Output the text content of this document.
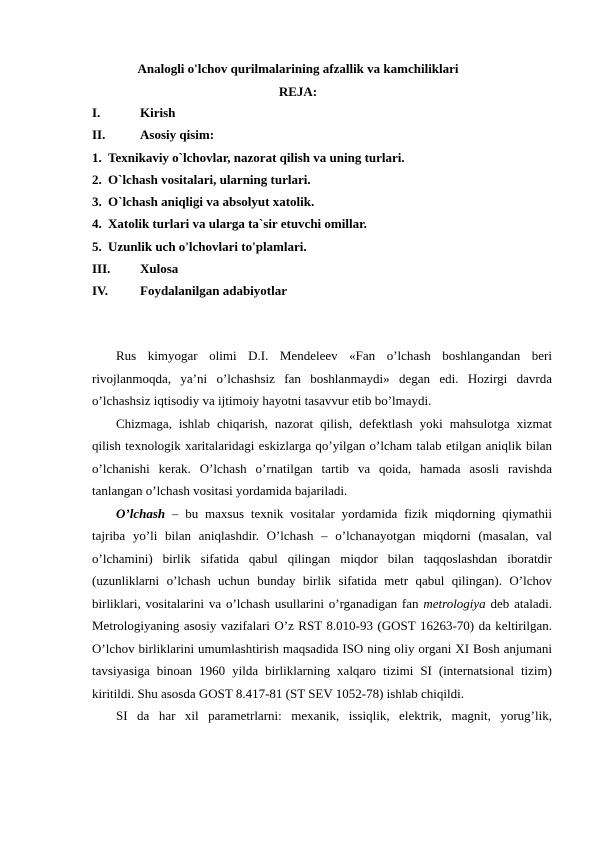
Analogli o'lchov qurilmalarining afzallik va kamchiliklari
REJA:
I.	Kirish
II.	Asosiy qisim:
1. Texnikaviy o`lchovlar, nazorat qilish va uning turlari.
2. O`lchash vositalari, ularning turlari.
3. O`lchash aniqligi va absolyut xatolik.
4. Xatolik turlari va ularga ta`sir etuvchi omillar.
5. Uzunlik uch o'lchovlari to'plamlari.
III. Xulosa
IV. Foydalanilgan adabiyotlar

Rus kimyogar olimi D.I. Mendeleev «Fan o’lchash boshlangandan beri rivojlanmoqda, ya’ni o’lchashsiz fan boshlanmaydi» degan edi. Hozirgi davrda o’lchashsiz iqtisodiy va ijtimoiy hayotni tasavvur etib bo’lmaydi.

Chizmaga, ishlab chiqarish, nazorat qilish, defektlash yoki mahsulotga xizmat qilish texnologik xaritalaridagi eskizlarga qo’yilgan o’lcham talab etilgan aniqlik bilan o’lchanishi kerak. O’lchash o’rnatilgan tartib va qoida, hamada asosli ravishda tanlangan o’lchash vositasi yordamida bajariladi.

O’lchash – bu maxsus texnik vositalar yordamida fizik miqdorning qiymathii tajriba yo’li bilan aniqlashdir. O’lchash – o’lchanayotgan miqdorni (masalan, val o’lchamini) birlik sifatida qabul qilingan miqdor bilan taqqoslashdan iboratdir (uzunliklarni o’lchash uchun bunday birlik sifatida metr qabul qilingan). O’lchov birliklari, vositalarini va o’lchash usullarini o’rganadigan fan metrologiya deb ataladi. Metrologiyaning asosiy vazifalari O’z RST 8.010-93 (GOST 16263-70) da keltirilgan. O’lchov birliklarini umumlashtirish maqsadida ISO ning oliy organi XI Bosh anjumani tavsiyasiga binoan 1960 yilda birliklarning xalqaro tizimi SI (internatsional tizim) kiritildi. Shu asosda GOST 8.417-81 (ST SEV 1052-78) ishlab chiqildi.

SI da har xil parametrlarni: mexanik, issiqlik, elektrik, magnit, yorug’lik,
